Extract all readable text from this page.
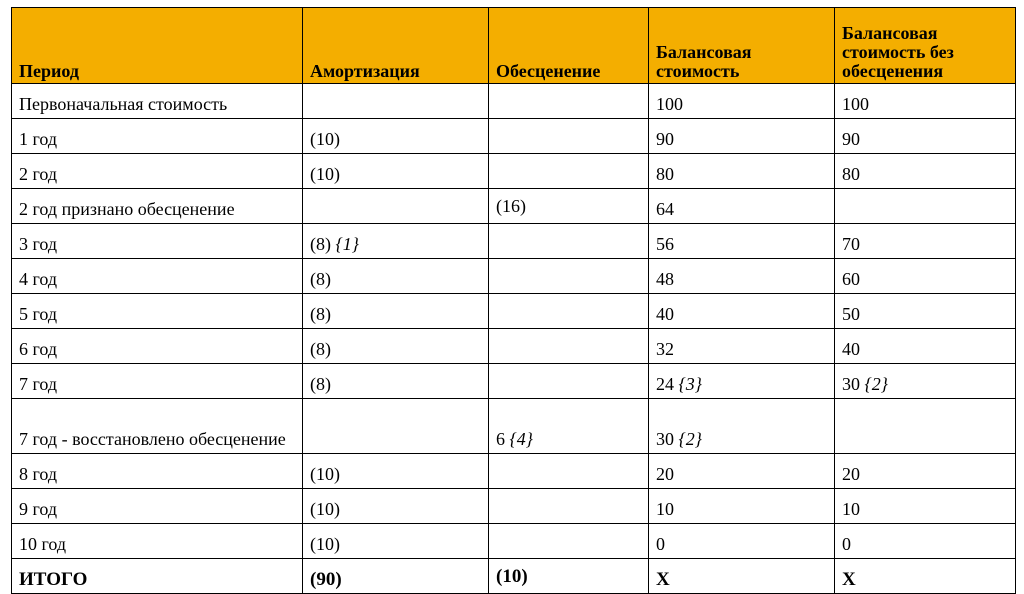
Период	Амортизация	Обесценение	Балансовая стоимость	Балансовая стоимость без обесценения
Первоначальная стоимость			100	100
1 год	(10)		90	90
2 год	(10)		80	80
2 год признано обесценение		(16)	64	
3 год	(8) {1}		56	70
4 год	(8)		48	60
5 год	(8)		40	50
6 год	(8)		32	40
7 год	(8)		24 {3}	30 {2}
7 год - восстановлено обесценение		6 {4}	30 {2}	
8 год	(10)		20	20
9 год	(10)		10	10
10 год	(10)		0	0
ИТОГО	(90)	(10)	X	X
